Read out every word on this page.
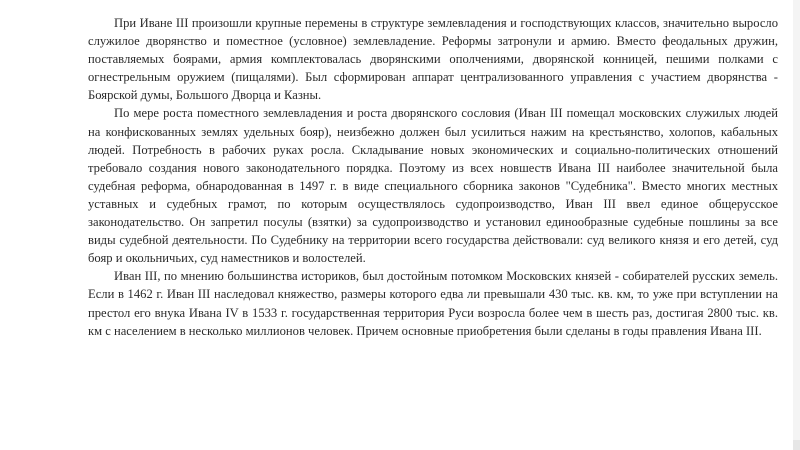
При Иване III произошли крупные перемены в структуре землевладения и господствующих классов, значительно выросло служилое дворянство и поместное (условное) землевладение. Реформы затронули и армию. Вместо феодальных дружин, поставляемых боярами, армия комплектовалась дворянскими ополчениями, дворянской конницей, пешими полками с огнестрельным оружием (пищалями). Был сформирован аппарат централизованного управления с участием дворянства - Боярской думы, Большого Дворца и Казны.

По мере роста поместного землевладения и роста дворянского сословия (Иван III помещал московских служилых людей на конфискованных землях удельных бояр), неизбежно должен был усилиться нажим на крестьянство, холопов, кабальных людей. Потребность в рабочих руках росла. Складывание новых экономических и социально-политических отношений требовало создания нового законодательного порядка. Поэтому из всех новшеств Ивана III наиболее значительной была судебная реформа, обнародованная в 1497 г. в виде специального сборника законов "Судебника". Вместо многих местных уставных и судебных грамот, по которым осуществлялось судопроизводство, Иван III ввел единое общерусское законодательство. Он запретил посулы (взятки) за судопроизводство и установил единообразные судебные пошлины за все виды судебной деятельности. По Судебнику на территории всего государства действовали: суд великого князя и его детей, суд бояр и окольничьих, суд наместников и волостелей.

Иван III, по мнению большинства историков, был достойным потомком Московских князей - собирателей русских земель. Если в 1462 г. Иван III наследовал княжество, размеры которого едва ли превышали 430 тыс. кв. км, то уже при вступлении на престол его внука Ивана IV в 1533 г. государственная территория Руси возросла более чем в шесть раз, достигая 2800 тыс. кв. км с населением в несколько миллионов человек. Причем основные приобретения были сделаны в годы правления Ивана III.
